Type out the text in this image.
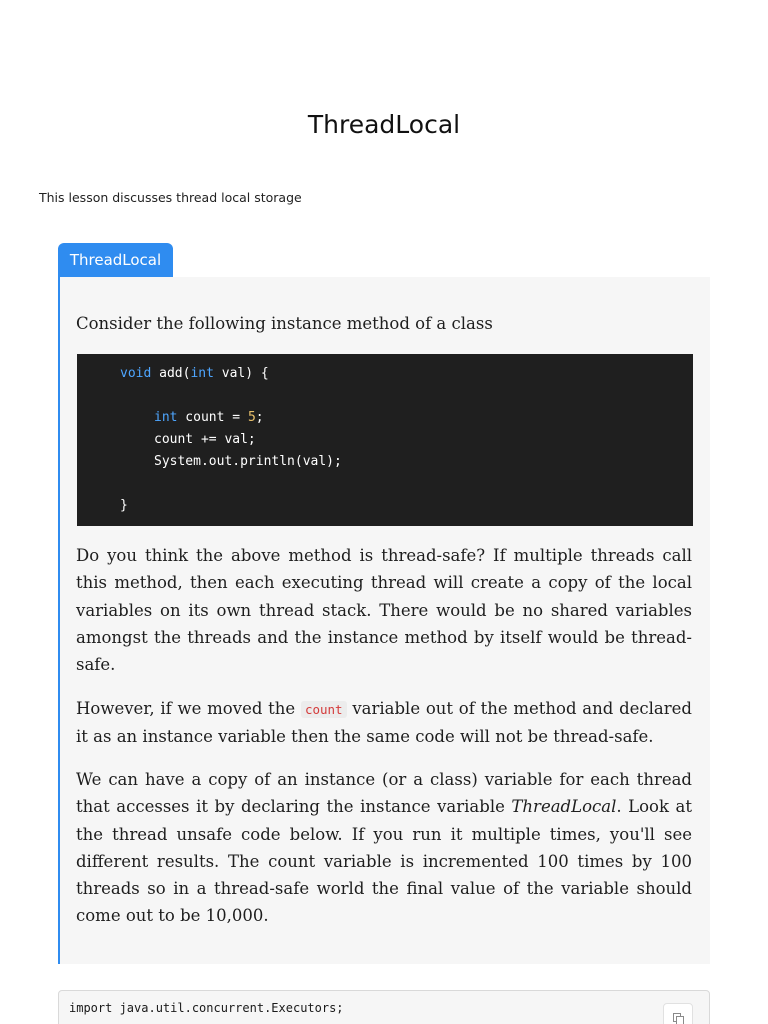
ThreadLocal
This lesson discusses thread local storage
ThreadLocal

Consider the following instance method of a class

void add(int val) {
int count = 5;
count += val;
System.out.println(val);
}

Do you think the above method is thread-safe? If multiple threads call this method, then each executing thread will create a copy of the local variables on its own thread stack. There would be no shared variables amongst the threads and the instance method by itself would be thread-safe.

However, if we moved the count variable out of the method and declared it as an instance variable then the same code will not be thread-safe.

We can have a copy of an instance (or a class) variable for each thread that accesses it by declaring the instance variable ThreadLocal. Look at the thread unsafe code below. If you run it multiple times, you'll see different results. The count variable is incremented 100 times by 100 threads so in a thread-safe world the final value of the variable should come out to be 10,000.

import java.util.concurrent.Executors;
